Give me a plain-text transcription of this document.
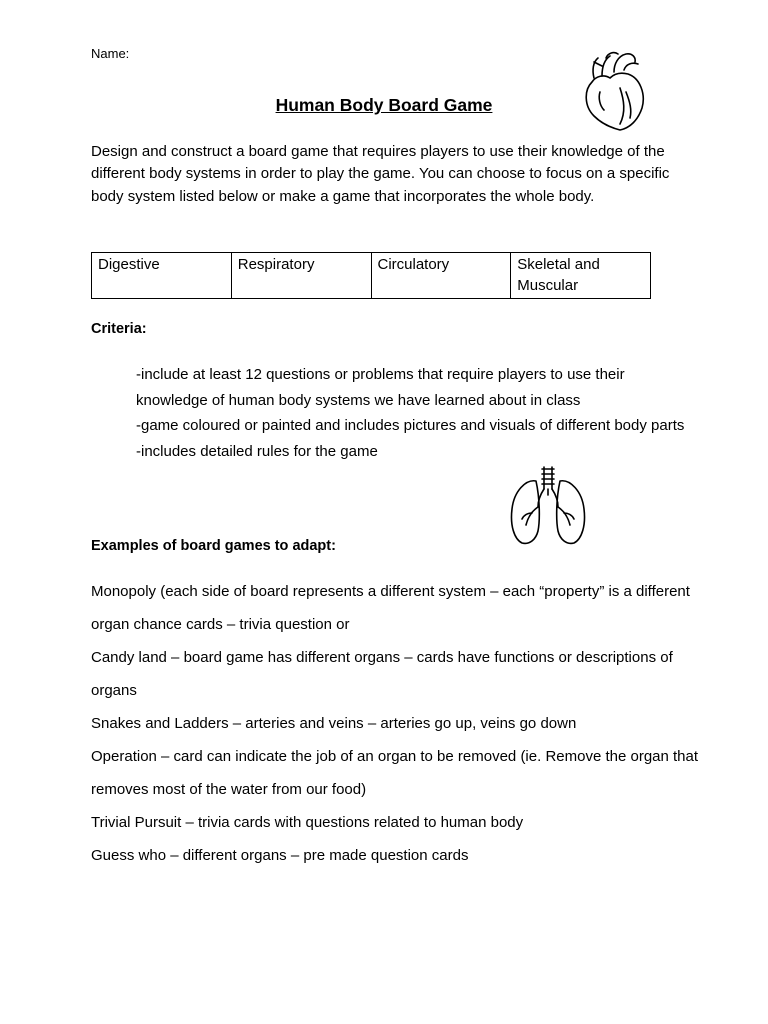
Name:
Human Body Board Game

Design and construct a board game that requires players to use their knowledge of the different body systems in order to play the game. You can choose to focus on a specific body system listed below or make a game that incorporates the whole body.

Digestive	Respiratory	Circulatory	Skeletal and Muscular
Criteria:
-include at least 12 questions or problems that require players to use their knowledge of human body systems we have learned about in class
-game coloured or painted and includes pictures and visuals of different body parts
-includes detailed rules for the game
Examples of board games to adapt:
Monopoly (each side of board represents a different system – each “property” is a different organ chance cards – trivia question or
Candy land – board game has different organs – cards have functions or descriptions of organs
Snakes and Ladders – arteries and veins – arteries go up, veins go down
Operation – card can indicate the job of an organ to be removed (ie. Remove the organ that removes most of the water from our food)
Trivial Pursuit – trivia cards with questions related to human body
Guess who – different organs – pre made question cards
